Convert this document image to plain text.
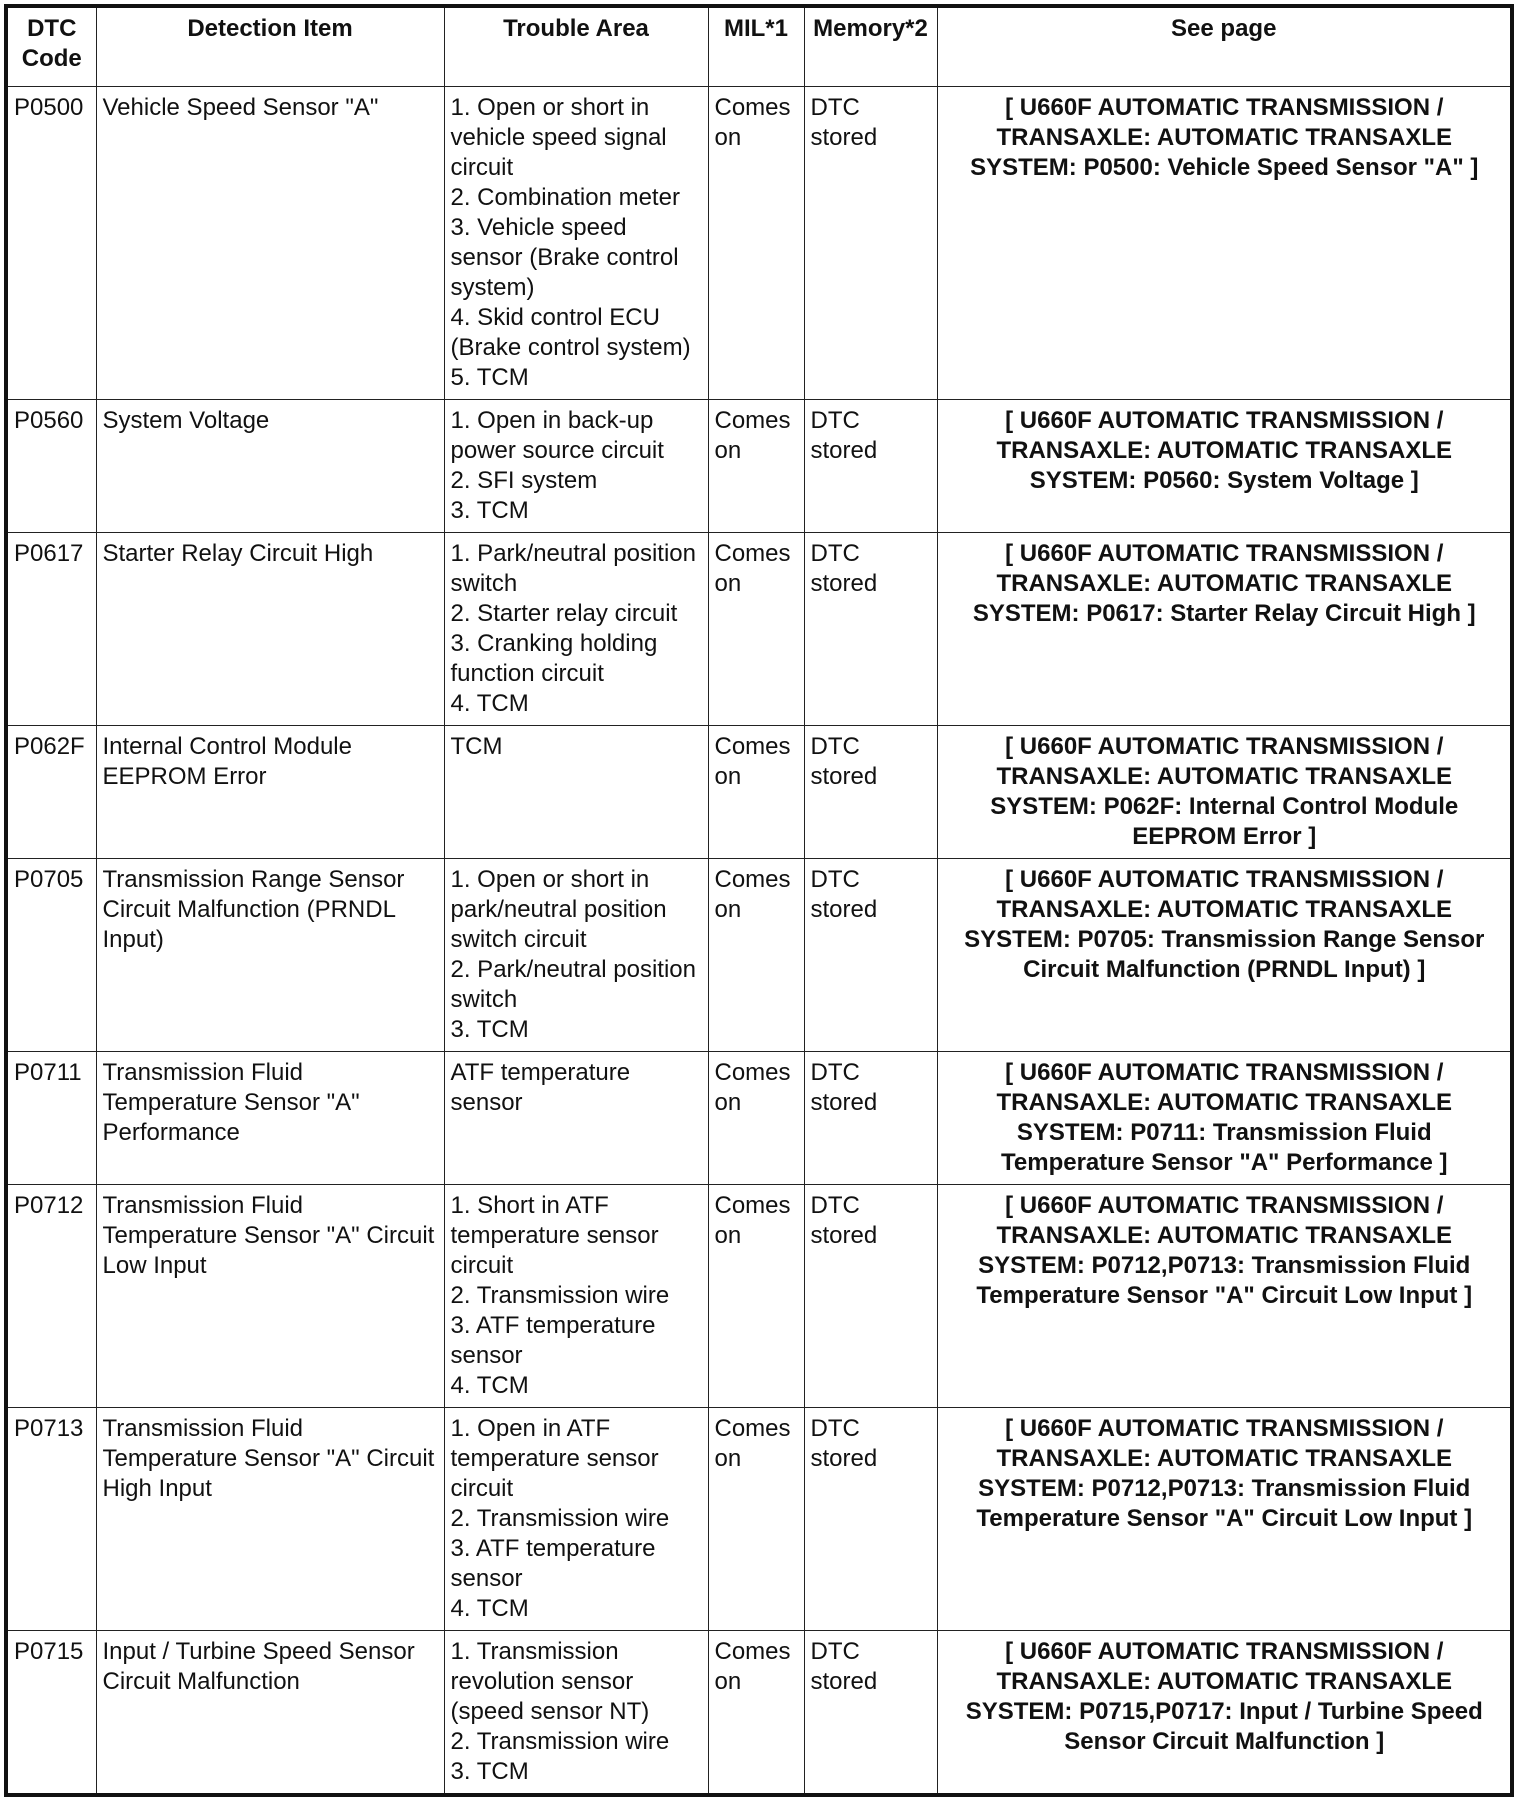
DTC Code	Detection Item	Trouble Area	MIL*1	Memory*2	See page
P0500	Vehicle Speed Sensor "A"	1. Open or short in vehicle speed signal circuit
2. Combination meter
3. Vehicle speed sensor (Brake control system)
4. Skid control ECU (Brake control system)
5. TCM	Comes on	DTC stored	[ U660F AUTOMATIC TRANSMISSION / TRANSAXLE: AUTOMATIC TRANSAXLE SYSTEM: P0500: Vehicle Speed Sensor "A" ]
P0560	System Voltage	1. Open in back-up power source circuit
2. SFI system
3. TCM	Comes on	DTC stored	[ U660F AUTOMATIC TRANSMISSION / TRANSAXLE: AUTOMATIC TRANSAXLE SYSTEM: P0560: System Voltage ]
P0617	Starter Relay Circuit High	1. Park/neutral position switch
2. Starter relay circuit
3. Cranking holding function circuit
4. TCM	Comes on	DTC stored	[ U660F AUTOMATIC TRANSMISSION / TRANSAXLE: AUTOMATIC TRANSAXLE SYSTEM: P0617: Starter Relay Circuit High ]
P062F	Internal Control Module EEPROM Error	TCM	Comes on	DTC stored	[ U660F AUTOMATIC TRANSMISSION / TRANSAXLE: AUTOMATIC TRANSAXLE SYSTEM: P062F: Internal Control Module EEPROM Error ]
P0705	Transmission Range Sensor Circuit Malfunction (PRNDL Input)	1. Open or short in park/neutral position switch circuit
2. Park/neutral position switch
3. TCM	Comes on	DTC stored	[ U660F AUTOMATIC TRANSMISSION / TRANSAXLE: AUTOMATIC TRANSAXLE SYSTEM: P0705: Transmission Range Sensor Circuit Malfunction (PRNDL Input) ]
P0711	Transmission Fluid Temperature Sensor "A" Performance	ATF temperature sensor	Comes on	DTC stored	[ U660F AUTOMATIC TRANSMISSION / TRANSAXLE: AUTOMATIC TRANSAXLE SYSTEM: P0711: Transmission Fluid Temperature Sensor "A" Performance ]
P0712	Transmission Fluid Temperature Sensor "A" Circuit Low Input	1. Short in ATF temperature sensor circuit
2. Transmission wire
3. ATF temperature sensor
4. TCM	Comes on	DTC stored	[ U660F AUTOMATIC TRANSMISSION / TRANSAXLE: AUTOMATIC TRANSAXLE SYSTEM: P0712,P0713: Transmission Fluid Temperature Sensor "A" Circuit Low Input ]
P0713	Transmission Fluid Temperature Sensor "A" Circuit High Input	1. Open in ATF temperature sensor circuit
2. Transmission wire
3. ATF temperature sensor
4. TCM	Comes on	DTC stored	[ U660F AUTOMATIC TRANSMISSION / TRANSAXLE: AUTOMATIC TRANSAXLE SYSTEM: P0712,P0713: Transmission Fluid Temperature Sensor "A" Circuit Low Input ]
P0715	Input / Turbine Speed Sensor Circuit Malfunction	1. Transmission revolution sensor (speed sensor NT)
2. Transmission wire
3. TCM	Comes on	DTC stored	[ U660F AUTOMATIC TRANSMISSION / TRANSAXLE: AUTOMATIC TRANSAXLE SYSTEM: P0715,P0717: Input / Turbine Speed Sensor Circuit Malfunction ]
